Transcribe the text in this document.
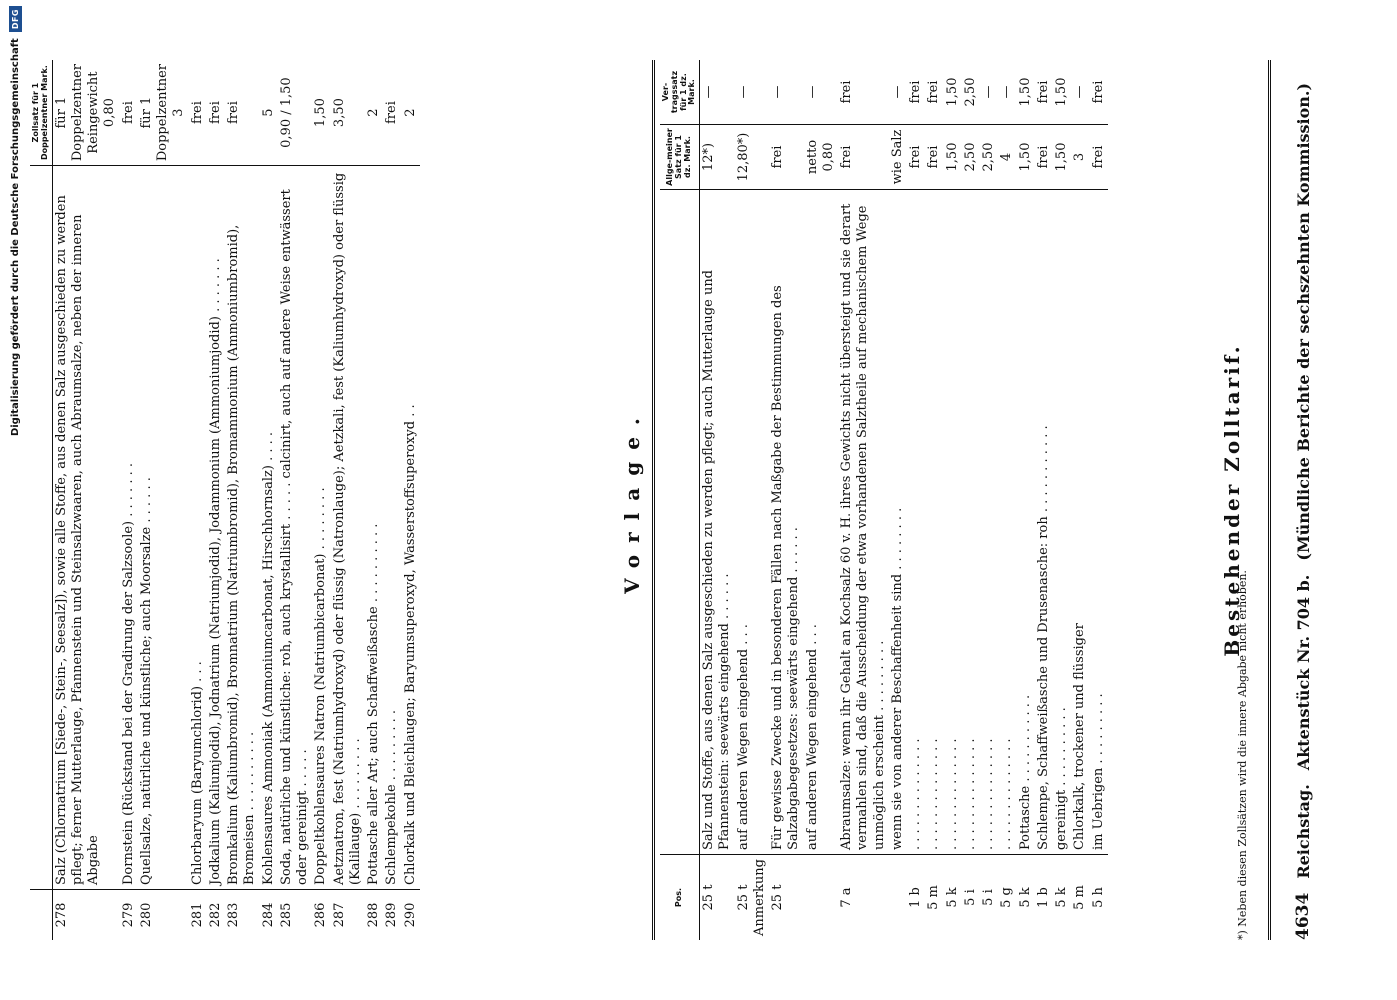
Digitalisierung gefördert durch die Deutsche Forschungsgemeinschaft
DFG
		Zollsatz für 1 Doppelzentner Mark.
278	Salz (Chlornatrium [Siede-, Stein-, Seesalz]), sowie alle Stoffe, aus denen Salz ausgeschieden zu werden pflegt; ferner Mutterlauge, Pfannenstein und Steinsalzwaaren, auch Abraumsalze, neben der inneren Abgabe	für 1 Doppelzentner Reingewicht 0,80
279	Dornstein (Rückstand bei der Gradirung der Salzsoole) . . . . . . .	frei
280	Quellsalze, natürliche und künstliche; auch Moorsalze . . . . . .	für 1 Doppelzentner 3
281	Chlorbaryum (Baryumchlorid) . . .	frei
282	Jodkalium (Kaliumjodid), Jodnatrium (Natriumjodid), Jodammonium (Ammoniumjodid) . . . . . . .	frei
283	Bromkalium (Kaliumbromid), Bromnatrium (Natriumbromid), Bromammonium (Ammoniumbromid), Bromeisen . . . . . . . . . .	frei
284	Kohlensaures Ammoniak (Ammoniumcarbonat, Hirschhornsalz) . . . .	5
285	Soda, natürliche und künstliche: roh, auch krystallisirt . . . . . calcinirt, auch auf andere Weise entwässert oder gereinigt . . . . .	0,90 / 1,50
286	Doppeltkohlensaures Natron (Natriumbicarbonat) . . . . . . . .	1,50
287	Aetznatron, fest (Natriumhydroxyd) oder flüssig (Natronlauge); Aetzkali, fest (Kaliumhydroxyd) oder flüssig (Kalilauge) . . . . . . . . .	3,50
288	Pottasche aller Art; auch Schaffweißasche . . . . . . . . . .	2
289	Schlempekohle . . . . . . . . .	frei
290	Chlorkalk und Bleichlaugen; Baryumsuperoxyd, Wasserstoffsuperoxyd . .	2
Vorlage.
Pos.		Allge-meiner Satz für 1 dz. Mark.	Ver-tragssatz für 1 dz. Mark.
25 t	Salz und Stoffe, aus denen Salz ausgeschieden zu werden pflegt; auch Mutterlauge und Pfannenstein: seewärts eingehend . . . . . .	12*)	—
25 t Anmerkung	auf anderen Wegen eingehend . . .	12,80*)	—
25 t	Für gewisse Zwecke und in besonderen Fällen nach Maßgabe der Bestimmungen des Salzabgabegesetzes: seewärts eingehend . . . . . .	frei	—
	auf anderen Wegen eingehend . . .	netto 0,80	—
7 a	Abraumsalze: wenn ihr Gehalt an Kochsalz 60 v. H. ihres Gewichts nicht übersteigt und sie derart vermahlen sind, daß die Ausscheidung der etwa vorhandenen Salztheile auf mechanischem Wege unmöglich erscheint . . . . . . . . .	frei	frei
	wenn sie von anderer Beschaffenheit sind . . . . . . . .	wie Salz	—
1 b	. . . . . . . . . . . . . .	frei	frei
5 m	. . . . . . . . . . . . . .	frei	frei
5 k	. . . . . . . . . . . . . .	1,50	1,50
5 i	. . . . . . . . . . . . . .	2,50	2,50
5 i	. . . . . . . . . . . . . .	2,50	—
5 g	. . . . . . . . . . . . . .	4	—
5 k	Pottasche . . . . . . . . . . .	1,50	1,50
1 b	Schlempe, Schaffweißasche und Drusenasche: roh . . . . . . . . . . .	frei	frei
5 k	gereinigt . . . . . . . . . .	1,50	1,50
5 m	Chlorkalk, trockener und flüssiger	3	—
5 h	im Uebrigen . . . . . . . . .	frei	frei
Bestehender Zolltarif.
*) Neben diesen Zollsätzen wird die innere Abgabe nicht erhoben.	4634
Reichstag.
Aktenstück Nr. 704 b.
(Mündliche Berichte der sechszehnten Kommission.)
